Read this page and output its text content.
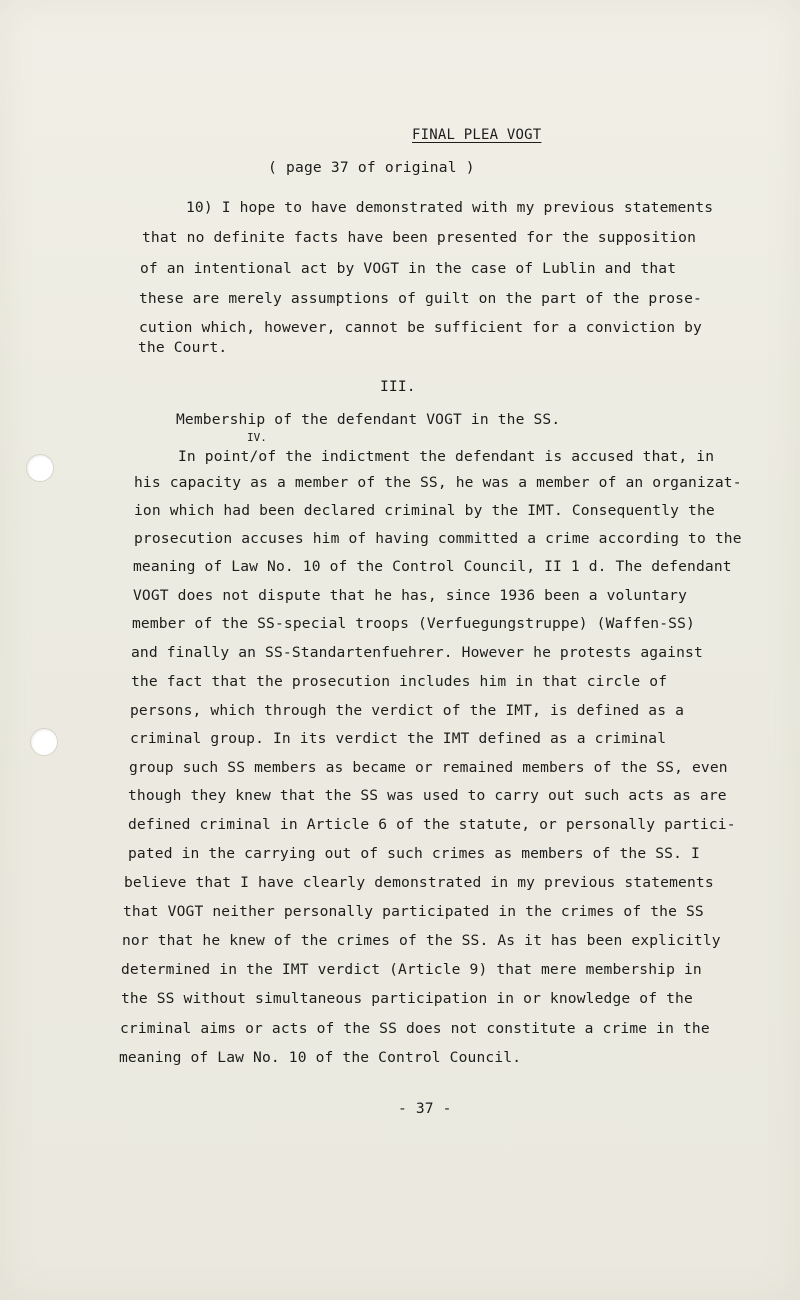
FINAL PLEA VOGT
( page 37 of original )
10) I hope to have demonstrated with my previous statements
that no definite facts have been presented for the supposition
of an intentional act by VOGT in the case of Lublin and that
these are merely assumptions of guilt on the part of the prose-
cution which, however, cannot be sufficient for a conviction by
the Court.
III.
Membership of the defendant VOGT in the SS.
IV.
In point/of the indictment the defendant is accused that, in
his capacity as a member of the SS, he was a member of an organizat-
ion which had been declared criminal by the IMT. Consequently the
prosecution accuses him of having committed a crime according to the
meaning of Law No. 10 of the Control Council, II 1 d. The defendant
VOGT does not dispute that he has, since 1936 been a voluntary
member of the SS-special troops (Verfuegungstruppe) (Waffen-SS)
and finally an SS-Standartenfuehrer. However he protests against
the fact that the prosecution includes him in that circle of
persons, which through the verdict of the IMT, is defined as a
criminal group. In its verdict the IMT defined as a criminal
group such SS members as became or remained members of the SS, even
though they knew that the SS was used to carry out such acts as are
defined criminal in Article 6 of the statute, or personally partici-
pated in the carrying out of such crimes as members of the SS. I
believe that I have clearly demonstrated in my previous statements
that VOGT neither personally participated in the crimes of the SS
nor that he knew of the crimes of the SS. As it has been explicitly
determined in the IMT verdict (Article 9) that mere membership in
the SS without simultaneous participation in or knowledge of the
criminal aims or acts of the SS does not constitute a crime in the
meaning of Law No. 10 of the Control Council.
- 37 -
